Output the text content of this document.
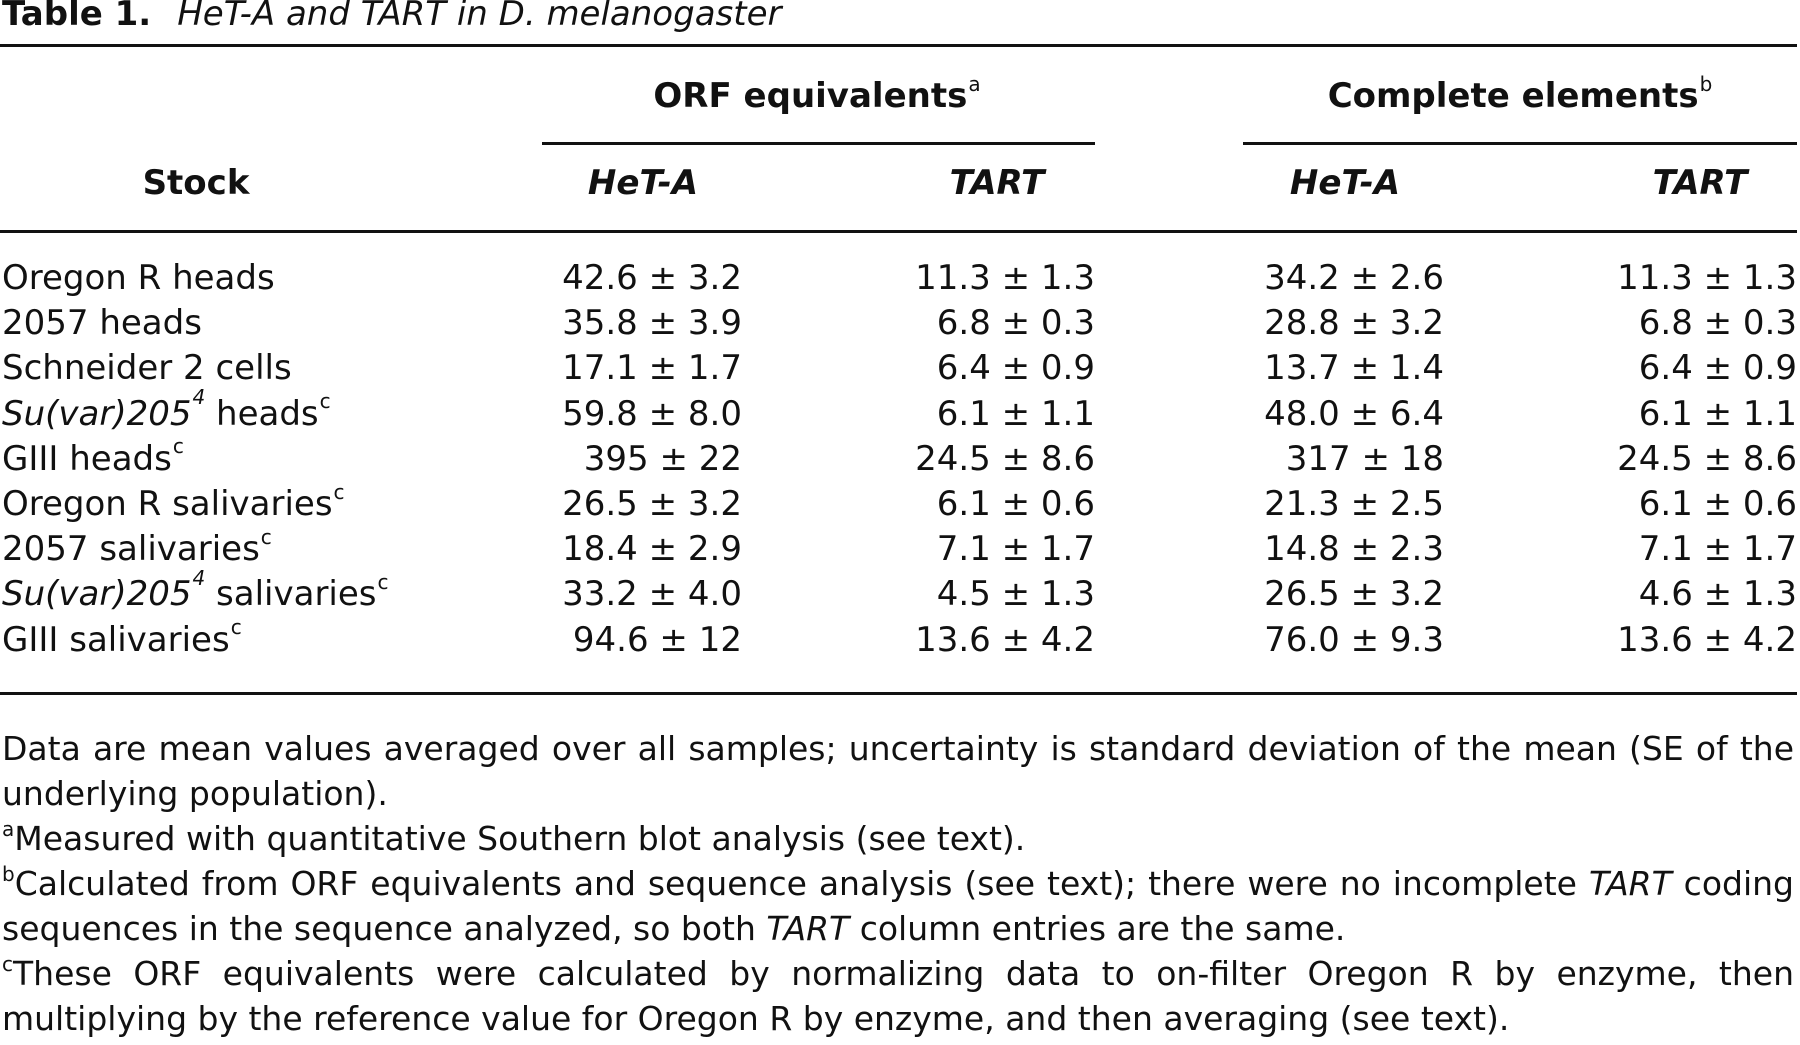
Table 1. HeT-A and TART in D. melanogaster
ORF equivalents$^a$	Complete elements$^b$
Stock	HeT-A	TART	HeT-A	TART
Oregon R heads	42.6 ± 3.2	11.3 ± 1.3	34.2 ± 2.6	11.3 ± 1.3
2057 heads	35.8 ± 3.9	6.8 ± 0.3	28.8 ± 3.2	6.8 ± 0.3
Schneider 2 cells	17.1 ± 1.7	6.4 ± 0.9	13.7 ± 1.4	6.4 ± 0.9
$Su(var)205^4$ heads$^c$	59.8 ± 8.0	6.1 ± 1.1	48.0 ± 6.4	6.1 ± 1.1
GIII heads$^c$	395 ± 22	24.5 ± 8.6	317 ± 18	24.5 ± 8.6
Oregon R salivaries$^c$	26.5 ± 3.2	6.1 ± 0.6	21.3 ± 2.5	6.1 ± 0.6
2057 salivaries$^c$	18.4 ± 2.9	7.1 ± 1.7	14.8 ± 2.3	7.1 ± 1.7
$Su(var)205^4$ salivaries$^c$	33.2 ± 4.0	4.5 ± 1.3	26.5 ± 3.2	4.6 ± 1.3
GIII salivaries$^c$	94.6 ± 12	13.6 ± 4.2	76.0 ± 9.3	13.6 ± 4.2
Data are mean values averaged over all samples; uncertainty is standard deviation of the mean (SE of the underlying population).
$^a$Measured with quantitative Southern blot analysis (see text).
$^b$Calculated from ORF equivalents and sequence analysis (see text); there were no incomplete TART coding sequences in the sequence analyzed, so both TART column entries are the same.
$^c$These ORF equivalents were calculated by normalizing data to on-filter Oregon R by enzyme, then multiplying by the reference value for Oregon R by enzyme, and then averaging (see text).
